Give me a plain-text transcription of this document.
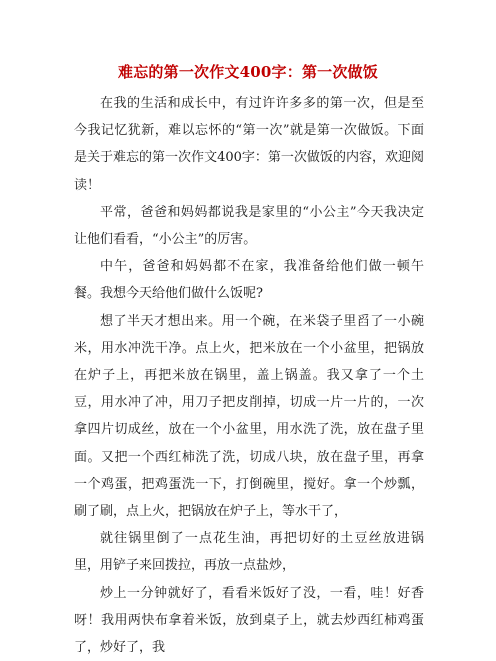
难忘的第一次作文400字：第一次做饭

在我的生活和成长中，有过许许多多的第一次，但是至今我记忆犹新，难以忘怀的“第一次”就是第一次做饭。下面是关于难忘的第一次作文400字：第一次做饭的内容，欢迎阅读！

平常，爸爸和妈妈都说我是家里的“小公主”今天我决定让他们看看，“小公主”的厉害。

中午，爸爸和妈妈都不在家，我准备给他们做一顿午餐。我想今天给他们做什么饭呢?

想了半天才想出来。用一个碗，在米袋子里舀了一小碗米，用水冲洗干净。点上火，把米放在一个小盆里，把锅放在炉子上，再把米放在锅里，盖上锅盖。我又拿了一个土豆，用水冲了冲，用刀子把皮削掉，切成一片一片的，一次拿四片切成丝，放在一个小盆里，用水洗了洗，放在盘子里面。又把一个西红柿洗了洗，切成八块，放在盘子里，再拿一个鸡蛋，把鸡蛋洗一下，打倒碗里，搅好。拿一个炒瓢，刷了刷，点上火，把锅放在炉子上，等水干了，

就往锅里倒了一点花生油，再把切好的土豆丝放进锅里，用铲子来回拨拉，再放一点盐炒，

炒上一分钟就好了，看看米饭好了没，一看，哇！好香呀！我用两快布拿着米饭，放到桌子上，就去炒西红柿鸡蛋了，炒好了，我
